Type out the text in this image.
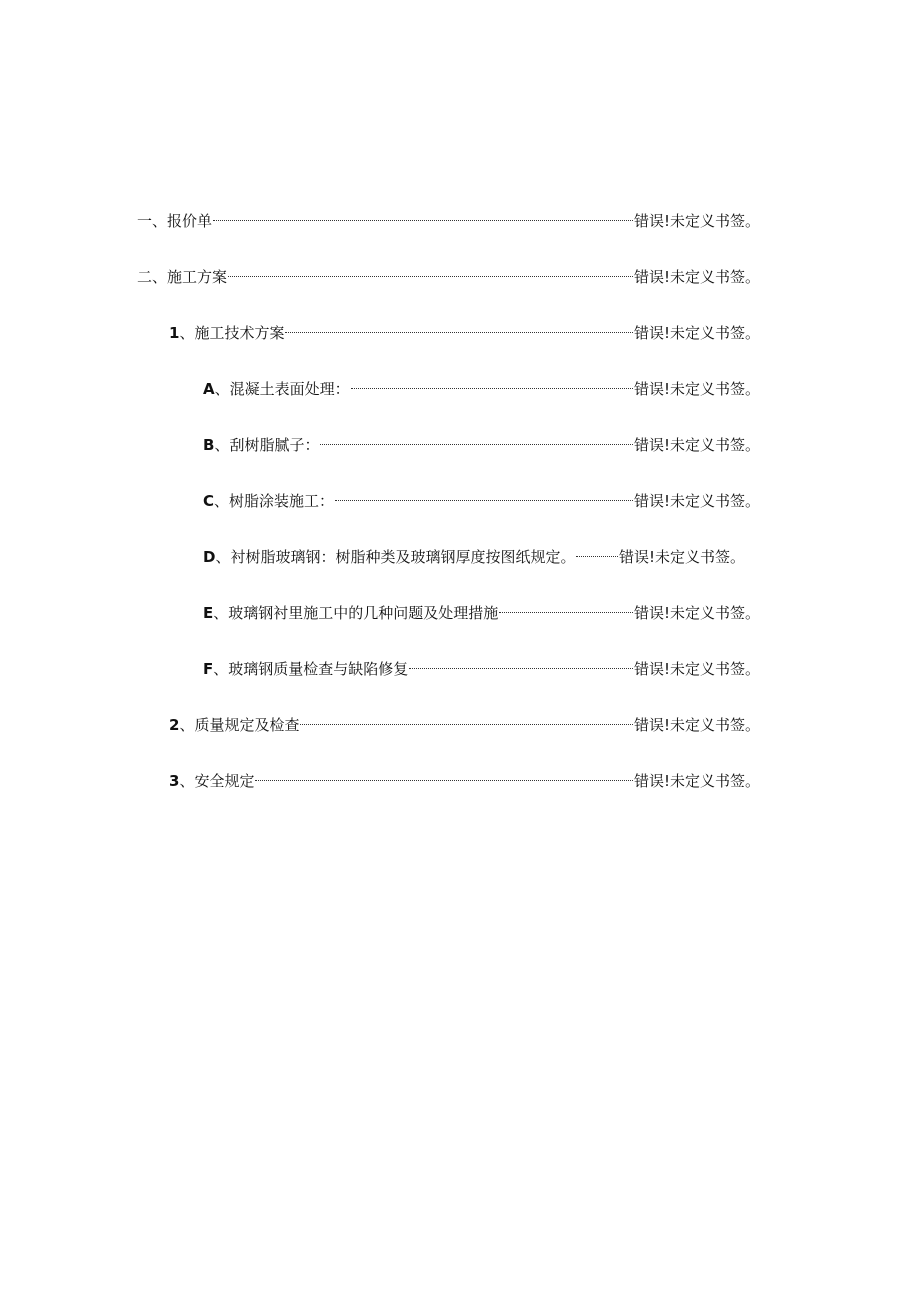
一 、 报价单	错误!未定义书签。
二 、 施工方案	错误!未定义书签。
1 、 施工技术方案	错误!未定义书签。
A 、 混凝土表面处理：	错误!未定义书签。
B 、 刮树脂腻子：	错误!未定义书签。
C 、 树脂涂装施工：	错误!未定义书签。
D 、 衬树脂玻璃钢：树脂种类及玻璃钢厚度按图纸规定。	错误!未定义书签。
E 、 玻璃钢衬里施工中的几种问题及处理措施	错误!未定义书签。
F 、 玻璃钢质量检查与缺陷修复	错误!未定义书签。
2 、 质量规定及检查	错误!未定义书签。
3 、 安全规定	错误!未定义书签。
